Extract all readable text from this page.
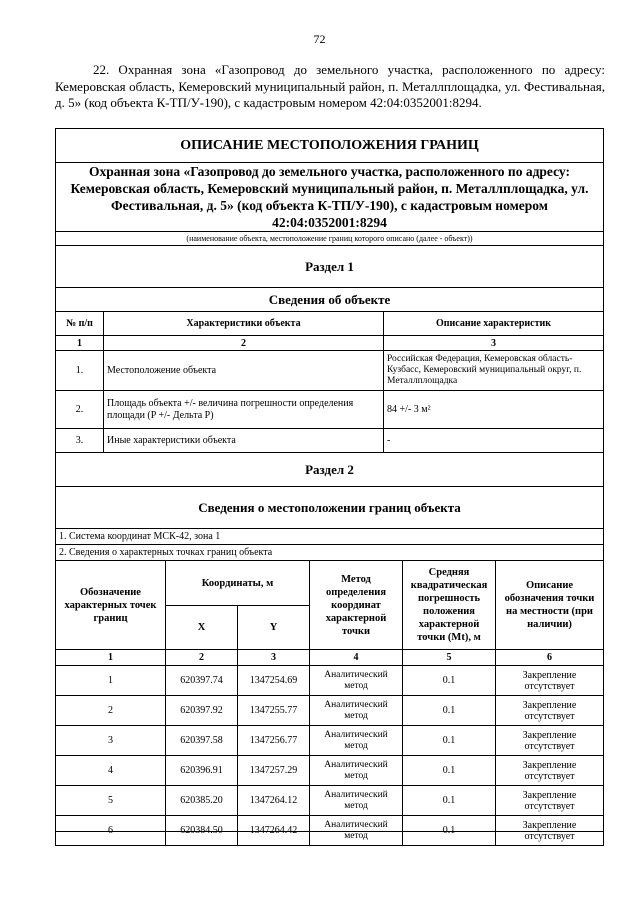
72
22. Охранная зона «Газопровод до земельного участка, расположенного по адресу: Кемеровская область, Кемеровский муниципальный район, п. Металлплощадка, ул. Фестивальная, д. 5» (код объекта К-ТП/У-190), с кадастровым номером 42:04:0352001:8294.
ОПИСАНИЕ МЕСТОПОЛОЖЕНИЯ ГРАНИЦ
Охранная зона «Газопровод до земельного участка, расположенного по адресу: Кемеровская область, Кемеровский муниципальный район, п. Металлплощадка, ул. Фестивальная, д. 5» (код объекта К-ТП/У-190), с кадастровым номером 42:04:0352001:8294
(наименование объекта, местоположение границ которого описано (далее - объект))
Раздел 1
Сведения об объекте
№ п/п	Характеристики объекта	Описание характеристик
1	2	3
1.	Местоположение объекта	Российская Федерация, Кемеровская область-Кузбасс, Кемеровский муниципальный округ, п. Металлплощадка
2.	Площадь объекта +/- величина погрешности определения площади (P +/- Дельта P)	84 +/- 3 м²
3.	Иные характеристики объекта	-
Раздел 2
Сведения о местоположении границ объекта
1. Система координат МСК-42, зона 1
2. Сведения о характерных точках границ объекта
Обозначение характерных точек границ	Координаты, м		Метод определения координат характерной точки	Средняя квадратическая погрешность положения характерной точки (Mt), м	Описание обозначения точки на местности (при наличии)
	X	Y			
1	2	3	4	5	6
1	620397.74	1347254.69	Аналитический метод	0.1	Закрепление отсутствует
2	620397.92	1347255.77	Аналитический метод	0.1	Закрепление отсутствует
3	620397.58	1347256.77	Аналитический метод	0.1	Закрепление отсутствует
4	620396.91	1347257.29	Аналитический метод	0.1	Закрепление отсутствует
5	620385.20	1347264.12	Аналитический метод	0.1	Закрепление отсутствует
6	620384.50	1347264.42	Аналитический метод	0.1	Закрепление отсутствует
